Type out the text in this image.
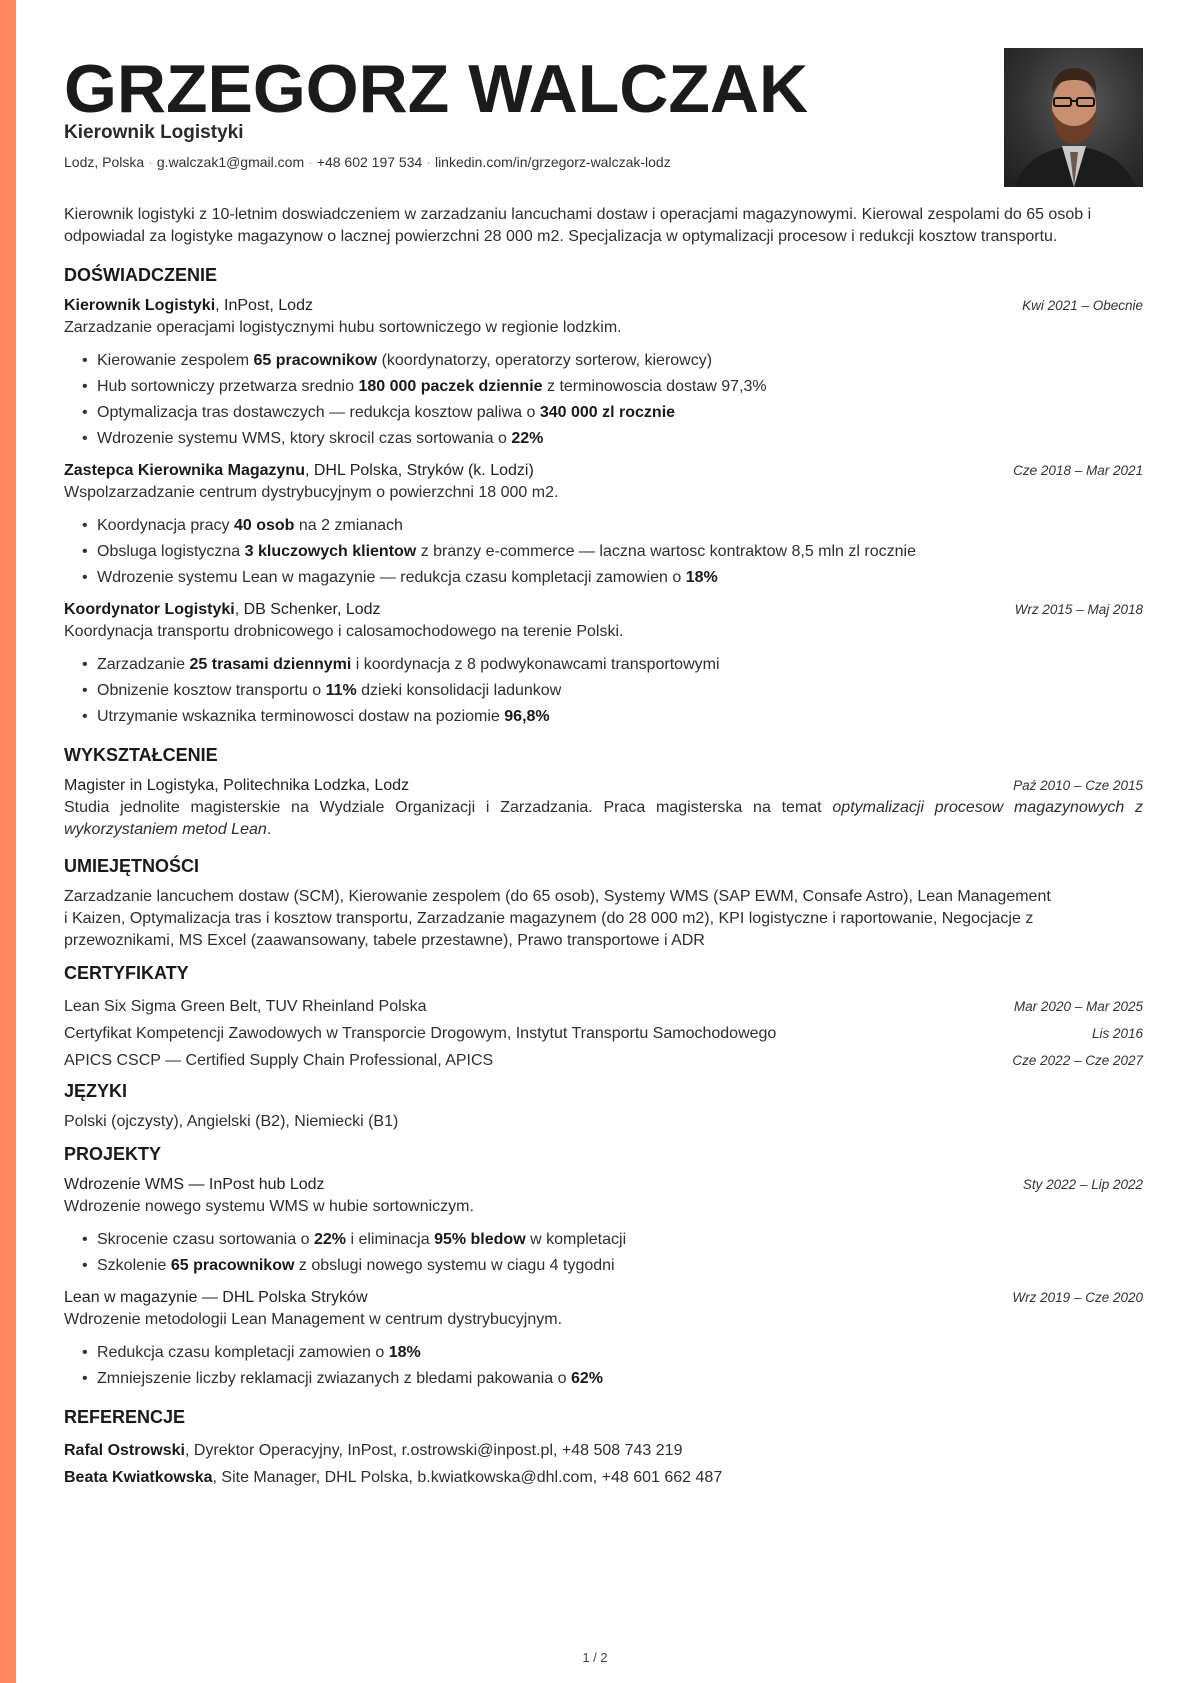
GRZEGORZ WALCZAK
Kierownik Logistyki
Lodz, Polska · g.walczak1@gmail.com · +48 602 197 534 · linkedin.com/in/grzegorz-walczak-lodz
Kierownik logistyki z 10-letnim doswiadczeniem w zarzadzaniu lancuchami dostaw i operacjami magazynowymi. Kierowal zespolami do 65 osob i odpowiadal za logistyke magazynow o lacznej powierzchni 28 000 m2. Specjalizacja w optymalizacji procesow i redukcji kosztow transportu.
DOŚWIADCZENIE
Kierownik Logistyki, InPost, Lodz	Kwi 2021 – Obecnie
Zarzadzanie operacjami logistycznymi hubu sortowniczego w regionie lodzkim.
• Kierowanie zespolem 65 pracownikow (koordynatorzy, operatorzy sorterow, kierowcy)
• Hub sortowniczy przetwarza srednio 180 000 paczek dziennie z terminowoscia dostaw 97,3%
• Optymalizacja tras dostawczych — redukcja kosztow paliwa o 340 000 zl rocznie
• Wdrozenie systemu WMS, ktory skrocil czas sortowania o 22%
Zastepca Kierownika Magazynu, DHL Polska, Stryków (k. Lodzi)	Cze 2018 – Mar 2021
Wspolzarzadzanie centrum dystrybucyjnym o powierzchni 18 000 m2.
• Koordynacja pracy 40 osob na 2 zmianach
• Obsluga logistyczna 3 kluczowych klientow z branzy e-commerce — laczna wartosc kontraktow 8,5 mln zl rocznie
• Wdrozenie systemu Lean w magazynie — redukcja czasu kompletacji zamowien o 18%
Koordynator Logistyki, DB Schenker, Lodz	Wrz 2015 – Maj 2018
Koordynacja transportu drobnicowego i calosamochodowego na terenie Polski.
• Zarzadzanie 25 trasami dziennymi i koordynacja z 8 podwykonawcami transportowymi
• Obnizenie kosztow transportu o 11% dzieki konsolidacji ladunkow
• Utrzymanie wskaznika terminowosci dostaw na poziomie 96,8%
WYKSZTAŁCENIE
Magister in Logistyka, Politechnika Lodzka, Lodz	Paź 2010 – Cze 2015
Studia jednolite magisterskie na Wydziale Organizacji i Zarzadzania. Praca magisterska na temat optymalizacji procesow magazynowych z wykorzystaniem metod Lean.
UMIEJĘTNOŚCI
Zarzadzanie lancuchem dostaw (SCM), Kierowanie zespolem (do 65 osob), Systemy WMS (SAP EWM, Consafe Astro), Lean Management i Kaizen, Optymalizacja tras i kosztow transportu, Zarzadzanie magazynem (do 28 000 m2), KPI logistyczne i raportowanie, Negocjacje z przewoznikami, MS Excel (zaawansowany, tabele przestawne), Prawo transportowe i ADR
CERTYFIKATY
Lean Six Sigma Green Belt, TUV Rheinland Polska	Mar 2020 – Mar 2025
Certyfikat Kompetencji Zawodowych w Transporcie Drogowym, Instytut Transportu Samochodowego	Lis 2016
APICS CSCP — Certified Supply Chain Professional, APICS	Cze 2022 – Cze 2027
JĘZYKI
Polski (ojczysty), Angielski (B2), Niemiecki (B1)
PROJEKTY
Wdrozenie WMS — InPost hub Lodz	Sty 2022 – Lip 2022
Wdrozenie nowego systemu WMS w hubie sortowniczym.
• Skrocenie czasu sortowania o 22% i eliminacja 95% bledow w kompletacji
• Szkolenie 65 pracownikow z obslugi nowego systemu w ciagu 4 tygodni
Lean w magazynie — DHL Polska Stryków	Wrz 2019 – Cze 2020
Wdrozenie metodologii Lean Management w centrum dystrybucyjnym.
• Redukcja czasu kompletacji zamowien o 18%
• Zmniejszenie liczby reklamacji zwiazanych z bledami pakowania o 62%
REFERENCJE
Rafal Ostrowski, Dyrektor Operacyjny, InPost, r.ostrowski@inpost.pl, +48 508 743 219
Beata Kwiatkowska, Site Manager, DHL Polska, b.kwiatkowska@dhl.com, +48 601 662 487
1 / 2
